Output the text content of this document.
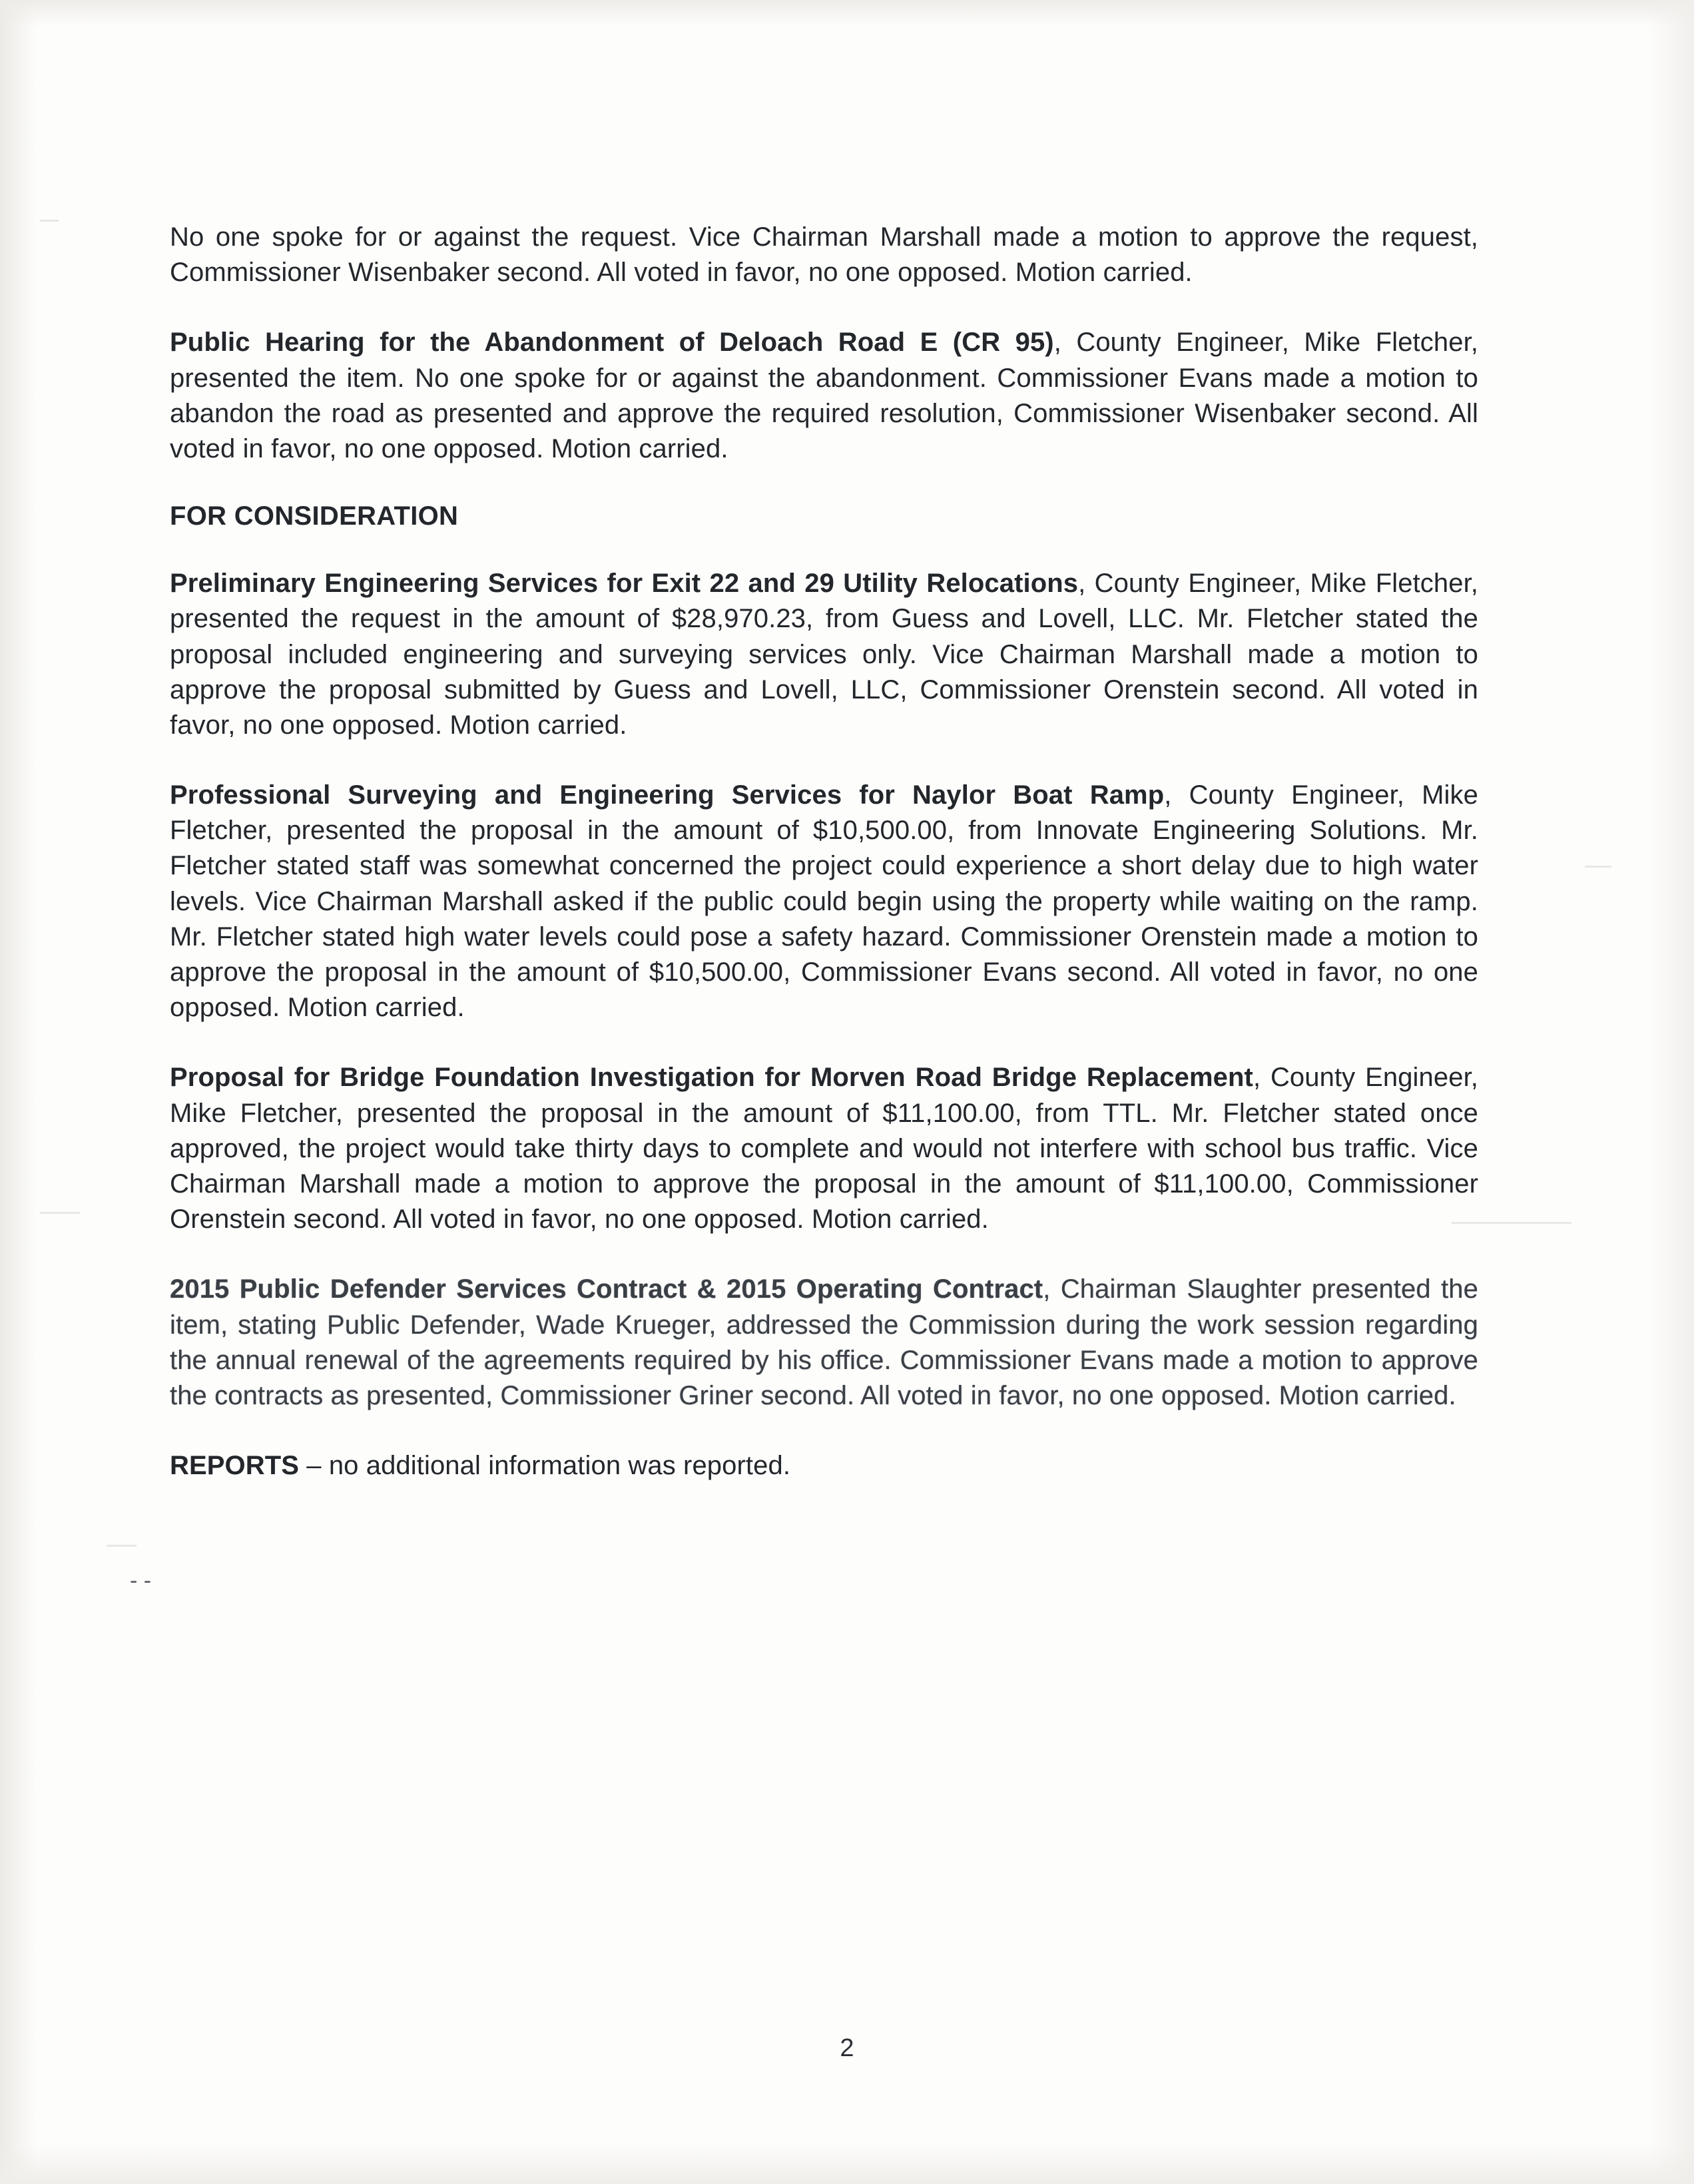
No one spoke for or against the request. Vice Chairman Marshall made a motion to approve the request, Commissioner Wisenbaker second. All voted in favor, no one opposed. Motion carried.

Public Hearing for the Abandonment of Deloach Road E (CR 95), County Engineer, Mike Fletcher, presented the item. No one spoke for or against the abandonment. Commissioner Evans made a motion to abandon the road as presented and approve the required resolution, Commissioner Wisenbaker second. All voted in favor, no one opposed. Motion carried.

FOR CONSIDERATION

Preliminary Engineering Services for Exit 22 and 29 Utility Relocations, County Engineer, Mike Fletcher, presented the request in the amount of $28,970.23, from Guess and Lovell, LLC. Mr. Fletcher stated the proposal included engineering and surveying services only. Vice Chairman Marshall made a motion to approve the proposal submitted by Guess and Lovell, LLC, Commissioner Orenstein second. All voted in favor, no one opposed. Motion carried.

Professional Surveying and Engineering Services for Naylor Boat Ramp, County Engineer, Mike Fletcher, presented the proposal in the amount of $10,500.00, from Innovate Engineering Solutions. Mr. Fletcher stated staff was somewhat concerned the project could experience a short delay due to high water levels. Vice Chairman Marshall asked if the public could begin using the property while waiting on the ramp. Mr. Fletcher stated high water levels could pose a safety hazard. Commissioner Orenstein made a motion to approve the proposal in the amount of $10,500.00, Commissioner Evans second. All voted in favor, no one opposed. Motion carried.

Proposal for Bridge Foundation Investigation for Morven Road Bridge Replacement, County Engineer, Mike Fletcher, presented the proposal in the amount of $11,100.00, from TTL. Mr. Fletcher stated once approved, the project would take thirty days to complete and would not interfere with school bus traffic. Vice Chairman Marshall made a motion to approve the proposal in the amount of $11,100.00, Commissioner Orenstein second. All voted in favor, no one opposed. Motion carried.

2015 Public Defender Services Contract & 2015 Operating Contract, Chairman Slaughter presented the item, stating Public Defender, Wade Krueger, addressed the Commission during the work session regarding the annual renewal of the agreements required by his office. Commissioner Evans made a motion to approve the contracts as presented, Commissioner Griner second. All voted in favor, no one opposed. Motion carried.

REPORTS – no additional information was reported.

- -
2
